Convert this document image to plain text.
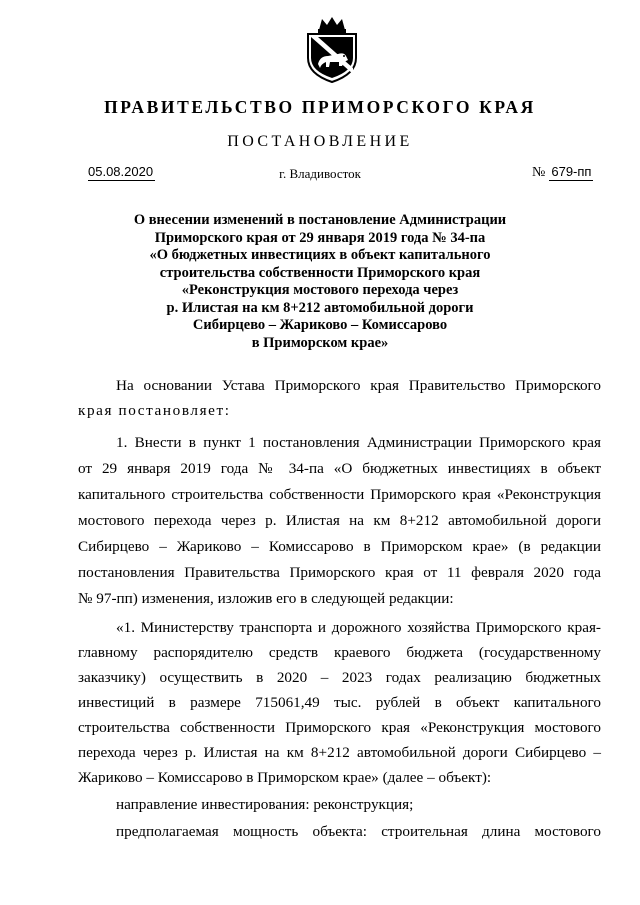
ПРАВИТЕЛЬСТВО ПРИМОРСКОГО КРАЯ
ПОСТАНОВЛЕНИЕ
05.08.2020	г. Владивосток	№ 679-пп
О внесении изменений в постановление Администрации
Приморского края от 29 января 2019 года № 34-па
«О бюджетных инвестициях в объект капитального
строительства собственности Приморского края
«Реконструкция мостового перехода через
р. Илистая на км 8+212 автомобильной дороги
Сибирцево – Жариково – Комиссарово
в Приморском крае»
На основании Устава Приморского края Правительство Приморского
края постановляет:
1. Внести в пункт 1 постановления Администрации Приморского края
от 29 января 2019 года № 34-па «О бюджетных инвестициях в объект
капитального строительства собственности Приморского края «Реконструкция
мостового перехода через р. Илистая на км 8+212 автомобильной дороги
Сибирцево – Жариково – Комиссарово в Приморском крае» (в редакции
постановления Правительства Приморского края от 11 февраля 2020 года
№ 97-пп) изменения, изложив его в следующей редакции:
«1. Министерству транспорта и дорожного хозяйства Приморского края-
главному распорядителю средств краевого бюджета (государственному
заказчику) осуществить в 2020 – 2023 годах реализацию бюджетных
инвестиций в размере 715061,49 тыс. рублей в объект капитального
строительства собственности Приморского края «Реконструкция мостового
перехода через р. Илистая на км 8+212 автомобильной дороги Сибирцево –
Жариково – Комиссарово в Приморском крае» (далее – объект):
направление инвестирования: реконструкция;
предполагаемая мощность объекта: строительная длина мостового
